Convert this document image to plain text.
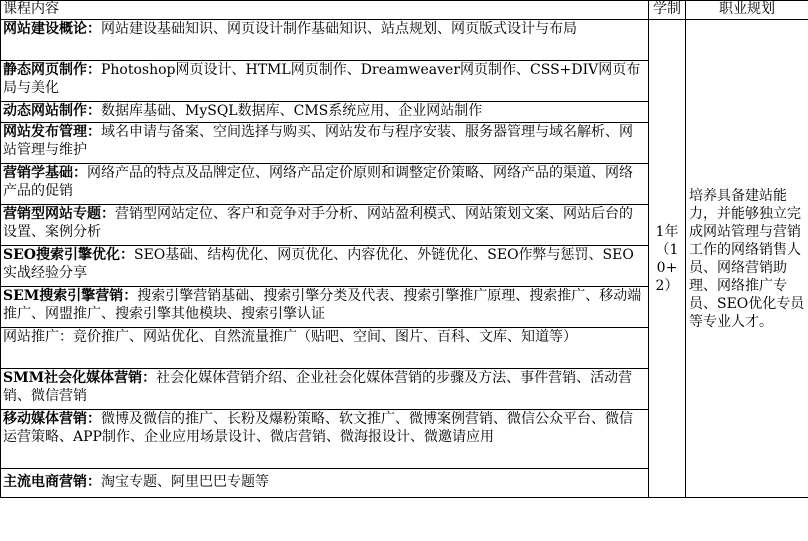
课程内容	学制	职业规划
网站建设概论：网站建设基础知识、网页设计制作基础知识、站点规划、网页版式设计与布局	1年（10+2）	培养具备建站能力，并能够独立完成网站管理与营销工作的网络销售人员、网络营销助理、网络推广专员、SEO优化专员等专业人才。
静态网页制作：Photoshop网页设计、HTML网页制作、Dreamweaver网页制作、CSS+DIV网页布局与美化		
动态网站制作：数据库基础、MySQL数据库、CMS系统应用、企业网站制作		
网站发布管理：域名申请与备案、空间选择与购买、网站发布与程序安装、服务器管理与域名解析、网站管理与维护		
营销学基础：网络产品的特点及品牌定位、网络产品定价原则和调整定价策略、网络产品的渠道、网络产品的促销		
营销型网站专题：营销型网站定位、客户和竞争对手分析、网站盈利模式、网站策划文案、网站后台的设置、案例分析		
SEO搜索引擎优化：SEO基础、结构优化、网页优化、内容优化、外链优化、SEO作弊与惩罚、SEO实战经验分享		
SEM搜索引擎营销：搜索引擎营销基础、搜索引擎分类及代表、搜索引擎推广原理、搜索推广、移动端推广、网盟推广、搜索引擎其他模块、搜索引擎认证		
网站推广：竞价推广、网站优化、自然流量推广（贴吧、空间、图片、百科、文库、知道等）		
SMM社会化媒体营销：社会化媒体营销介绍、企业社会化媒体营销的步骤及方法、事件营销、活动营销、微信营销		
移动媒体营销：微博及微信的推广、长粉及爆粉策略、软文推广、微博案例营销、微信公众平台、微信运营策略、APP制作、企业应用场景设计、微店营销、微海报设计、微邀请应用		
主流电商营销：淘宝专题、阿里巴巴专题等		
